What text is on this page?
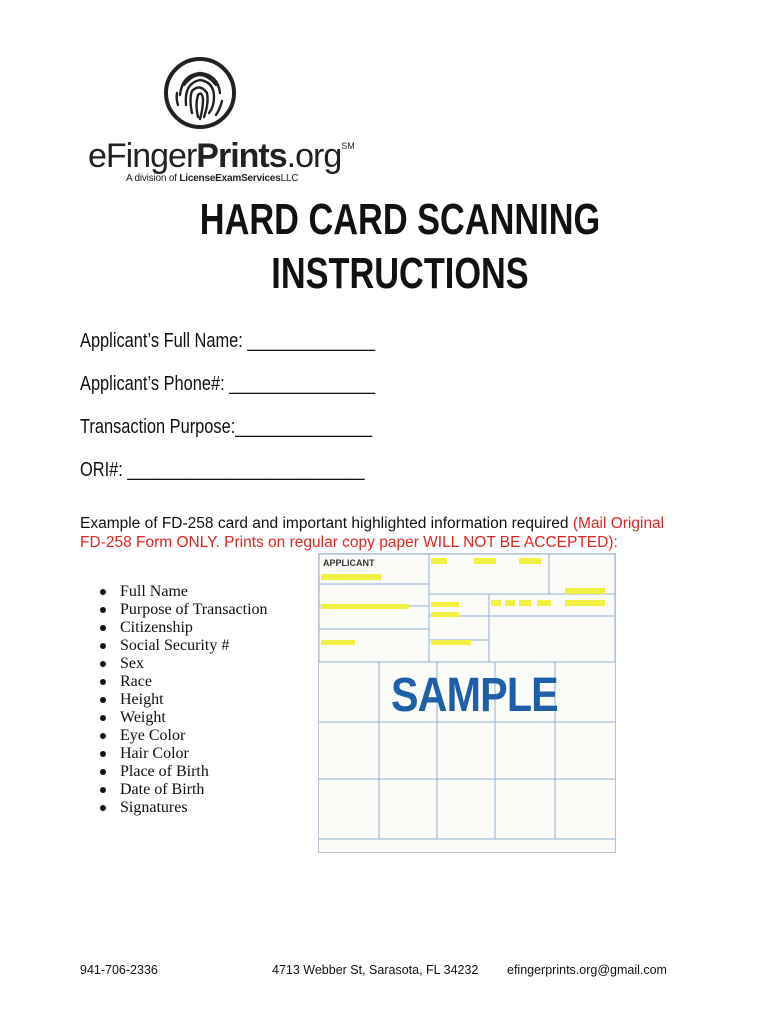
eFingerPrints.org℠
A division of LicenseExamServicesLLC
HARD CARD SCANNING
INSTRUCTIONS
Applicant’s Full Name: ______________
Applicant’s Phone#: ________________
Transaction Purpose:_______________
ORI#: __________________________
Example of FD-258 card and important highlighted information required (Mail Original FD-258 Form ONLY. Prints on regular copy paper WILL NOT BE ACCEPTED):
Full Name
Purpose of Transaction
Citizenship
Social Security #
Sex
Race
Height
Weight
Eye Color
Hair Color
Place of Birth
Date of Birth
Signatures
APPLICANT
SAMPLE
941-706-2336	4713 Webber St, Sarasota, FL 34232 efingerprints.org@gmail.com
